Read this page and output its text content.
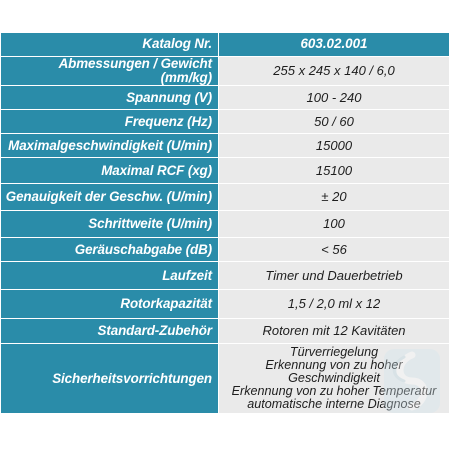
Katalog Nr.	603.02.001
Abmessungen / Gewicht (mm/kg)	255 x 245 x 140 / 6,0
Spannung (V)	100 - 240
Frequenz (Hz)	50 / 60
Maximalgeschwindigkeit (U/min)	15000
Maximal RCF (xg)	15100
Genauigkeit der Geschw. (U/min)	± 20
Schrittweite (U/min)	100
Geräuschabgabe (dB)	< 56
Laufzeit	Timer und Dauerbetrieb
Rotorkapazität	1,5 / 2,0 ml x 12
Standard-Zubehör	Rotoren mit 12 Kavitäten
Sicherheitsvorrichtungen	Türverriegelung
Erkennung von zu hoher Geschwindigkeit
Erkennung von zu hoher Temperatur
automatische interne Diagnose
